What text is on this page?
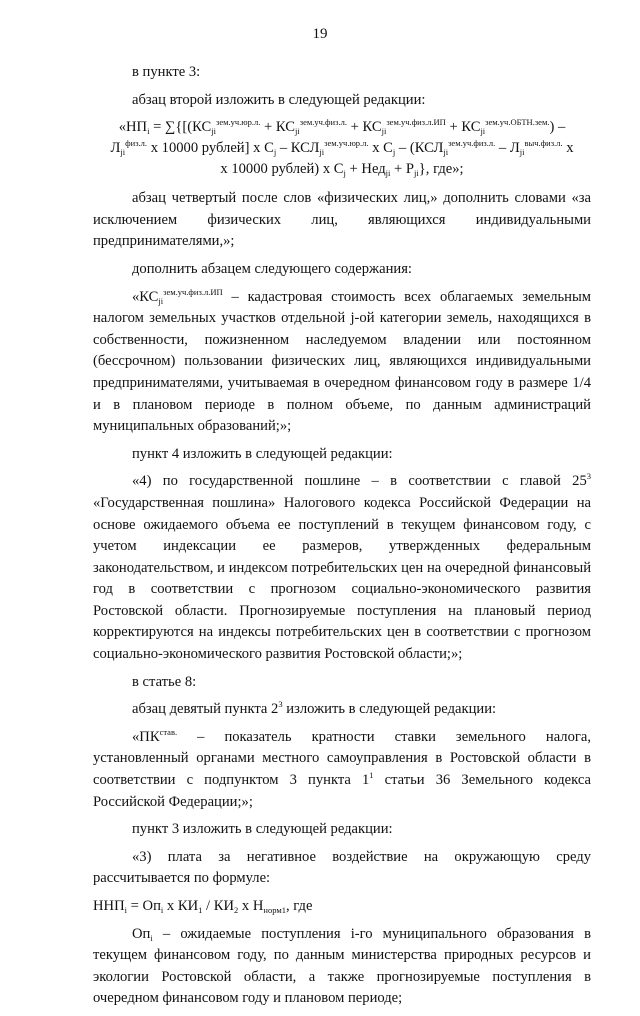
19

в пункте 3:

абзац второй изложить в следующей редакции:

«$НП_i = \sum\{[(КС_{ji}^{зем.уч.юр.л.} + КС_{ji}^{зем.уч.физ.л.} + КС_{ji}^{зем.уч.физ.л.ИП} + КС_{ji}^{зем.уч.ОБТН.зем.})$ –

$Л_{ji}^{физ.л.}$ x 10000 рублей] x $C_j - КСЛ_{ji}^{зем.уч.юр.л.}$ x $C_j - (КСЛ_{ji}^{зем.уч.физ.л.} - Л_{ji}^{выч.физ.л.}$ x

x 10000 рублей) x $C_j + Нед_{ji} + P_{ji}$}, где»;

абзац четвертый после слов «физических лиц,» дополнить словами «за исключением физических лиц, являющихся индивидуальными предпринимателями,»;

дополнить абзацем следующего содержания:

«$КС_{ji}^{зем.уч.физ.л.ИП}$ – кадастровая стоимость всех облагаемых земельным налогом земельных участков отдельной j-ой категории земель, находящихся в собственности, пожизненном наследуемом владении или постоянном (бессрочном) пользовании физических лиц, являющихся индивидуальными предпринимателями, учитываемая в очередном финансовом году в размере 1/4 и в плановом периоде в полном объеме, по данным администраций муниципальных образований;»;

пункт 4 изложить в следующей редакции:

«4) по государственной пошлине – в соответствии с главой $25^3$ «Государственная пошлина» Налогового кодекса Российской Федерации на основе ожидаемого объема ее поступлений в текущем финансовом году, с учетом индексации ее размеров, утвержденных федеральным законодательством, и индексом потребительских цен на очередной финансовый год в соответствии с прогнозом социально-экономического развития Ростовской области. Прогнозируемые поступления на плановый период корректируются на индексы потребительских цен в соответствии с прогнозом социально-экономического развития Ростовской области;»;

в статье 8:

абзац девятый пункта $2^3$ изложить в следующей редакции:

«$ПК^{став.}$ – показатель кратности ставки земельного налога, установленный органами местного самоуправления в Ростовской области в соответствии с подпунктом 3 пункта $1^1$ статьи 36 Земельного кодекса Российской Федерации;»;

пункт 3 изложить в следующей редакции:

«3) плата за негативное воздействие на окружающую среду рассчитывается по формуле:

$ННП_i = Оп_i$ x $КИ_1 / КИ_2$ x $Н_{норм1}$, где

$Оп_i$ – ожидаемые поступления i-го муниципального образования в текущем финансовом году, по данным министерства природных ресурсов и экологии Ростовской области, а также прогнозируемые поступления в очередном финансовом году и плановом периоде;
